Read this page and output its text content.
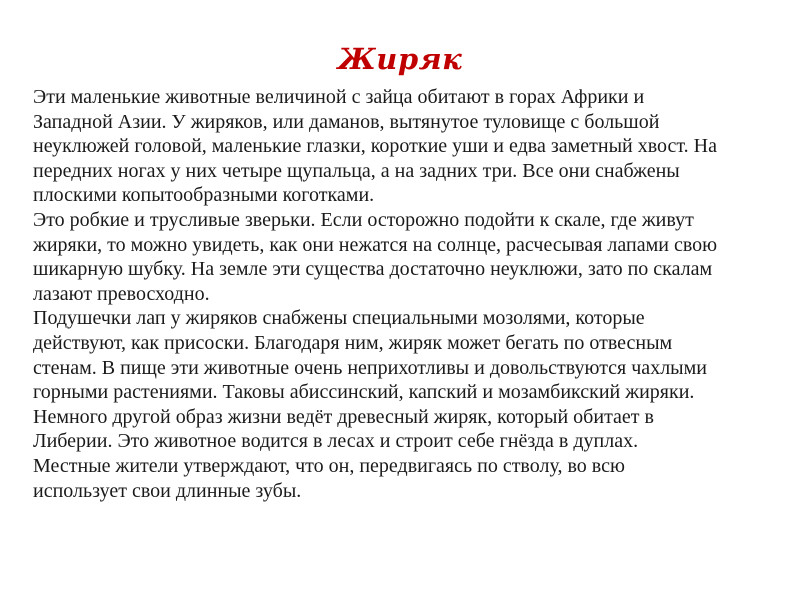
Жиряк

Эти маленькие животные величиной с зайца обитают в горах Африки и
Западной Азии. У жиряков, или даманов, вытянутое туловище с большой
неуклюжей головой, маленькие глазки, короткие уши и едва заметный хвост. На
передних ногах у них четыре щупальца, а на задних три. Все они снабжены
плоскими копытообразными коготками.

Это робкие и трусливые зверьки. Если осторожно подойти к скале, где живут
жиряки, то можно увидеть, как они нежатся на солнце, расчесывая лапами свою
шикарную шубку. На земле эти существа достаточно неуклюжи, зато по скалам
лазают превосходно.

Подушечки лап у жиряков снабжены специальными мозолями, которые
действуют, как присоски. Благодаря ним, жиряк может бегать по отвесным
стенам. В пище эти животные очень неприхотливы и довольствуются чахлыми
горными растениями. Таковы абиссинский, капский и мозамбикский жиряки.
Немного другой образ жизни ведёт древесный жиряк, который обитает в
Либерии. Это животное водится в лесах и строит себе гнёзда в дуплах.
Местные жители утверждают, что он, передвигаясь по стволу, во всю
использует свои длинные зубы.
